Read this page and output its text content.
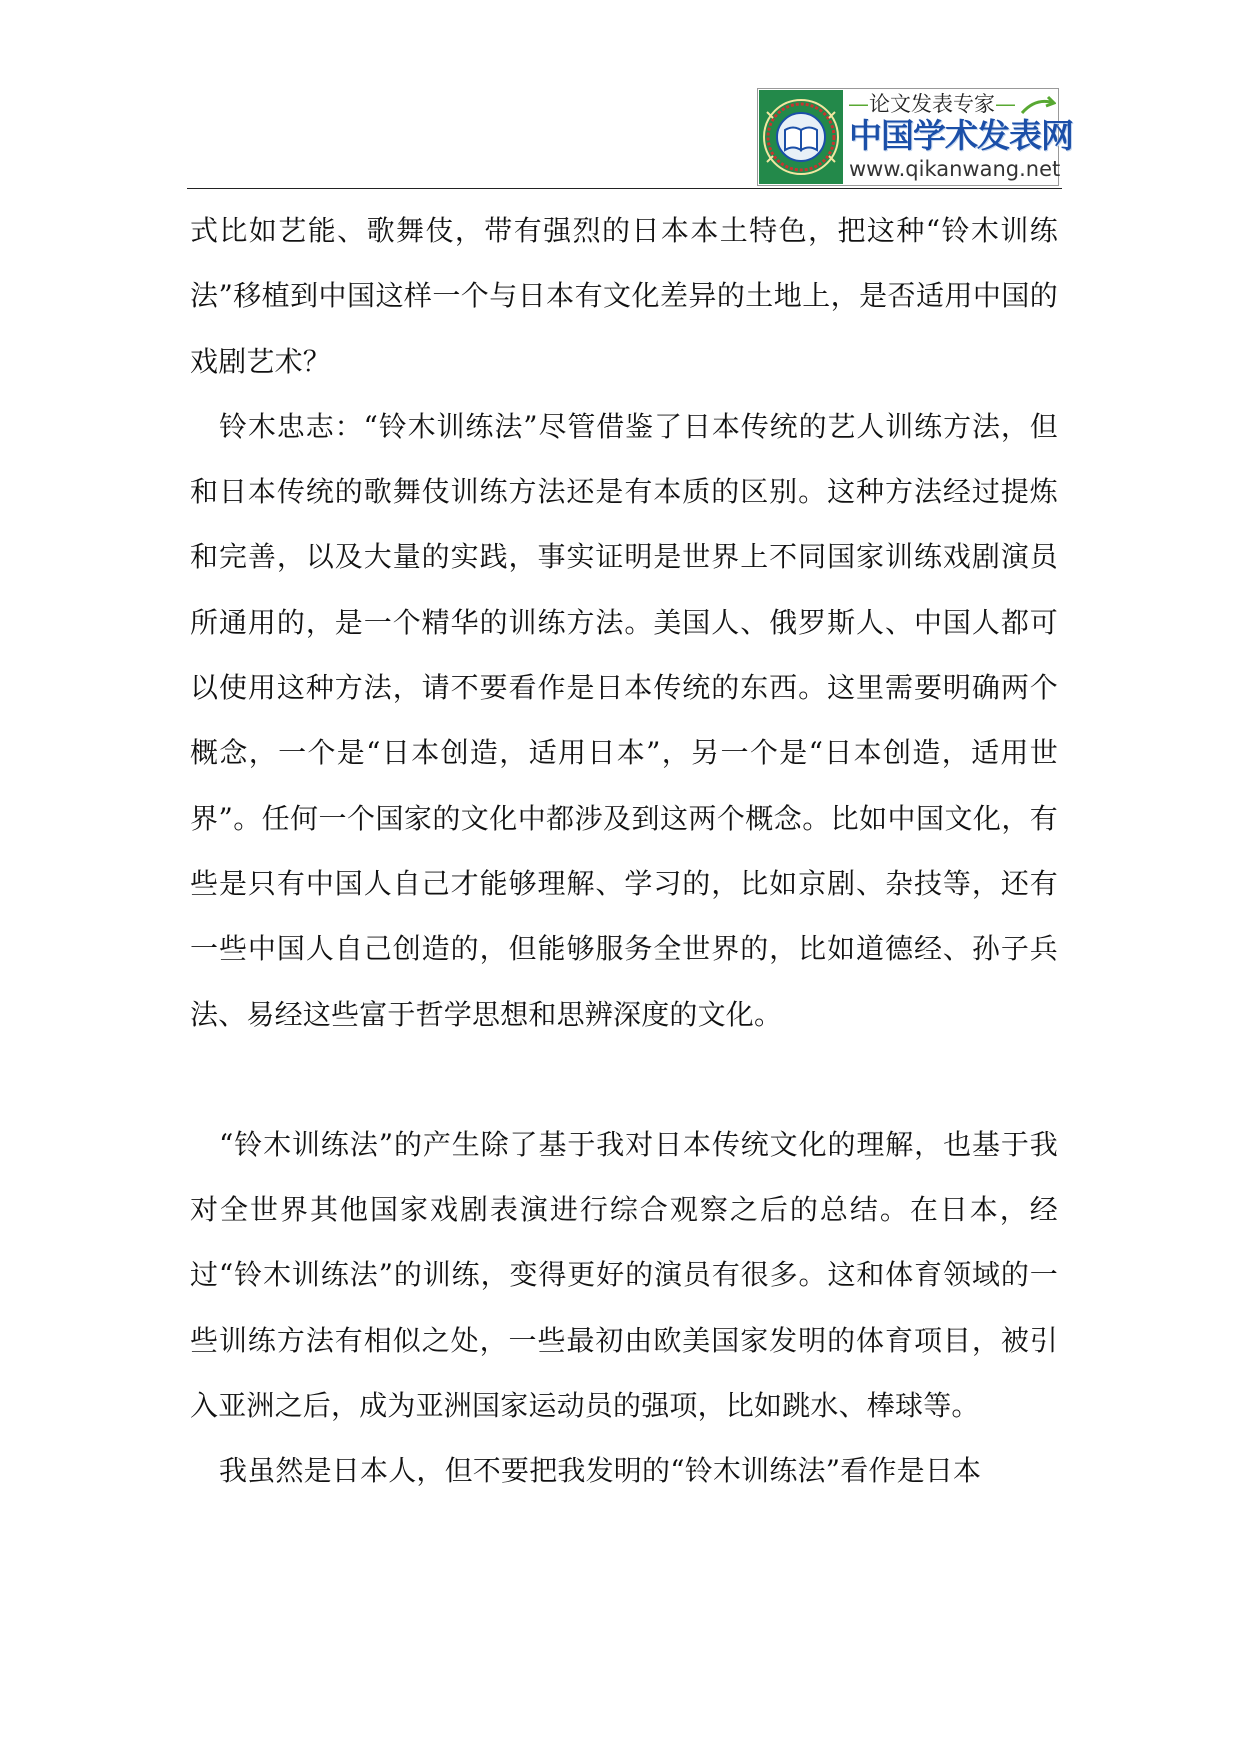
—论文发表专家—
中国学术发表网
www.qikanwang.net

式比如艺能、歌舞伎，带有强烈的日本本土特色，把这种“铃木训练法”移植到中国这样一个与日本有文化差异的土地上，是否适用中国的戏剧艺术？

铃木忠志：“铃木训练法”尽管借鉴了日本传统的艺人训练方法，但和日本传统的歌舞伎训练方法还是有本质的区别。这种方法经过提炼和完善，以及大量的实践，事实证明是世界上不同国家训练戏剧演员所通用的，是一个精华的训练方法。美国人、俄罗斯人、中国人都可以使用这种方法，请不要看作是日本传统的东西。这里需要明确两个概念，一个是“日本创造，适用日本”，另一个是“日本创造，适用世界”。任何一个国家的文化中都涉及到这两个概念。比如中国文化，有些是只有中国人自己才能够理解、学习的，比如京剧、杂技等，还有一些中国人自己创造的，但能够服务全世界的，比如道德经、孙子兵法、易经这些富于哲学思想和思辨深度的文化。

“铃木训练法”的产生除了基于我对日本传统文化的理解，也基于我对全世界其他国家戏剧表演进行综合观察之后的总结。在日本，经过“铃木训练法”的训练，变得更好的演员有很多。这和体育领域的一些训练方法有相似之处，一些最初由欧美国家发明的体育项目，被引入亚洲之后，成为亚洲国家运动员的强项，比如跳水、棒球等。

我虽然是日本人，但不要把我发明的“铃木训练法”看作是日本
